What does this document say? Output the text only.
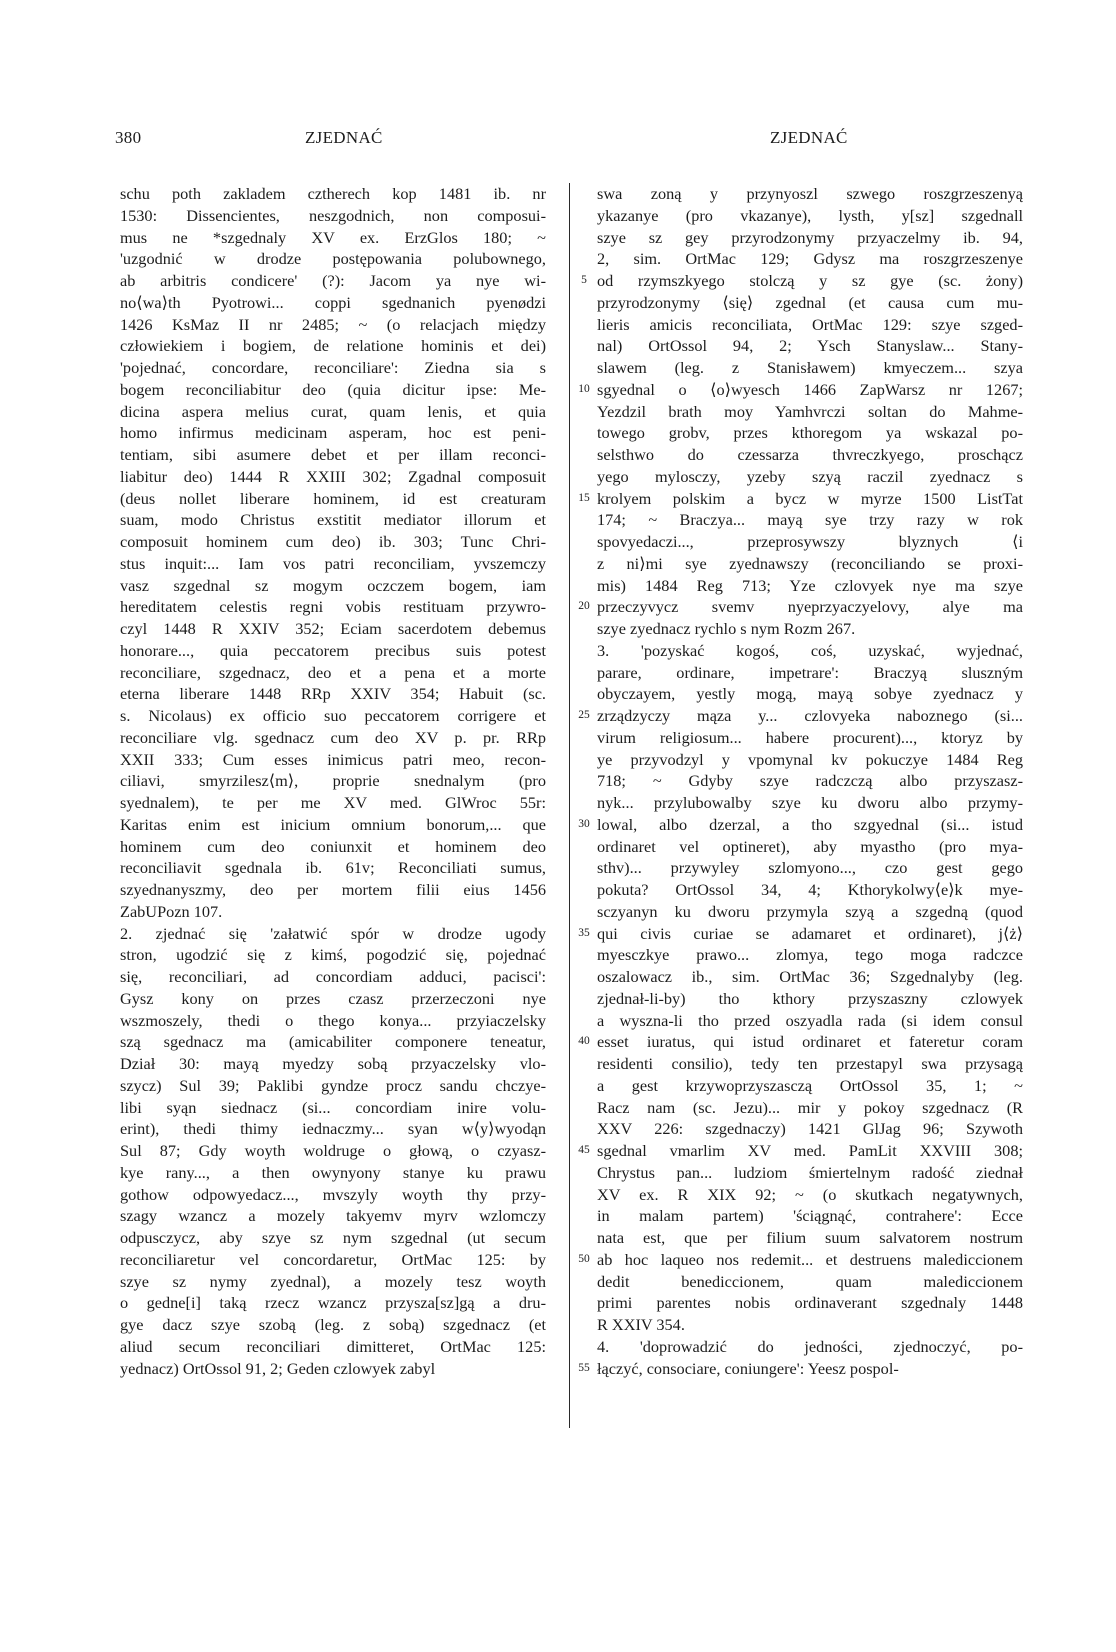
380	ZJEDNAĆ	ZJEDNAĆ
schu poth zakladem cztherech kop 1481 ib. nr
1530: Dissencientes, neszgodnich, non composui-
mus ne *szgednaly XV ex. ErzGlos 180; ~
'uzgodnić w drodze postępowania polubownego,
ab arbitris condicere' (?): Jacom ya nye wi-
no⟨wa⟩th Pyotrowi... coppi sgednanich pyenødzi
1426 KsMaz II nr 2485; ~ (o relacjach między
człowiekiem i bogiem, de relatione hominis et dei)
'pojednać, concordare, reconciliare': Ziedna sia s
bogem reconciliabitur deo (quia dicitur ipse: Me-
dicina aspera melius curat, quam lenis, et quia
homo infirmus medicinam asperam, hoc est peni-
tentiam, sibi asumere debet et per illam reconci-
liabitur deo) 1444 R XXIII 302; Zgadnal composuit
(deus nollet liberare hominem, id est creaturam
suam, modo Christus exstitit mediator illorum et
composuit hominem cum deo) ib. 303; Tunc Chri-
stus inquit:... Iam vos patri reconciliam, yvszemczy
vasz szgednal sz mogym oczczem bogem, iam
hereditatem celestis regni vobis restituam przywro-
czyl 1448 R XXIV 352; Eciam sacerdotem debemus
honorare..., quia peccatorem precibus suis potest
reconciliare, szgednacz, deo et a pena et a morte
eterna liberare 1448 RRp XXIV 354; Habuit (sc.
s. Nicolaus) ex officio suo peccatorem corrigere et
reconciliare vlg. sgednacz cum deo XV p. pr. RRp
XXII 333; Cum esses inimicus patri meo, recon-
ciliavi, smyrzilesz⟨m⟩, proprie snednalym (pro
syednalem), te per me XV med. GlWroc 55r:
Karitas enim est inicium omnium bonorum,... que
hominem cum deo coniunxit et hominem deo
reconciliavit sgednala ib. 61v; Reconciliati sumus,
szyednanyszmy, deo per mortem filii eius 1456
ZabUPozn 107.
2. zjednać się 'załatwić spór w drodze ugody
stron, ugodzić się z kimś, pogodzić się, pojednać
się, reconciliari, ad concordiam adduci, pacisci':
Gysz kony on przes czasz przerzeczoni nye
wszmoszely, thedi o thego konya... przyiaczelsky
szą sgednacz ma (amicabiliter componere teneatur,
Dział 30: mayą myedzy sobą przyaczelsky vlo-
szycz) Sul 39; Paklibi gyndze procz sandu chczye-
libi syąn siednacz (si... concordiam inire volu-
erint), thedi thimy iednaczmy... syan w⟨y⟩wyodąn
Sul 87; Gdy woyth woldruge o głową, o czyasz-
kye rany..., a then owynyony stanye ku prawu
gothow odpowyedacz..., mvszyly woyth thy przy-
szagy wzancz a mozely takyemv myrv wzlomczy
odpusczycz, aby szye sz nym szgednal (ut secum
reconciliaretur vel concordaretur, OrtMac 125: by
szye sz nymy zyednal), a mozely tesz woyth
o gedne[i] taką rzecz wzancz przysza[sz]gą a dru-
gye dacz szye szobą (leg. z sobą) szgednacz (et
aliud secum reconciliari dimitteret, OrtMac 125:
yednacz) OrtOssol 91, 2; Geden czlowyek zabyl
5
10
15
20
25
30
35
40
45
50
55
swa zoną y przynyoszl szwego roszgrzeszenyą
ykazanye (pro vkazanye), lysth, y[sz] szgednall
szye sz gey przyrodzonymy przyaczelmy ib. 94,
2, sim. OrtMac 129; Gdysz ma roszgrzeszenye
od rzymszkyego stolczą y sz gye (sc. żony)
przyrodzonymy ⟨się⟩ zgednal (et causa cum mu-
lieris amicis reconciliata, OrtMac 129: szye szged-
nal) OrtOssol 94, 2; Ysch Stanyslaw... Stany-
slawem (leg. z Stanisławem) kmyeczem... szya
sgyednal o ⟨o⟩wyesch 1466 ZapWarsz nr 1267;
Yezdzil brath moy Yamhvrczi soltan do Mahme-
towego grobv, przes kthoregom ya wskazal po-
selsthwo do czessarza thvreczkyego, proschącz
yego mylosczy, yzeby szyą raczil zyednacz s
krolyem polskim a bycz w myrze 1500 ListTat
174; ~ Braczya... mayą sye trzy razy w rok
spovyedaczi..., przeprosywszy blyznych ⟨i
z ni⟩mi sye zyednawszy (reconciliando se proxi-
mis) 1484 Reg 713; Yze czlovyek nye ma szye
przeczyvycz svemv nyeprzyaczyelovy, alye ma
szye zyednacz rychlo s nym Rozm 267.
3. 'pozyskać kogoś, coś, uzyskać, wyjednać,
parare, ordinare, impetrare': Braczyą sluszným
obyczayem, yestly mogą, mayą sobye zyednacz y
zrządzyczy mąza y... czlovyeka naboznego (si...
virum religiosum... habere procurent)..., ktoryz by
ye przyvodzyl y vpomynal kv pokuczye 1484 Reg
718; ~ Gdyby szye radczczą albo przyszasz-
nyk... przylubowalby szye ku dworu albo przymy-
lowal, albo dzerzal, a tho szgyednal (si... istud
ordinaret vel optineret), aby myastho (pro mya-
sthv)... przywyley szlomyono..., czo gest gego
pokuta? OrtOssol 34, 4; Kthorykolwy⟨e⟩k mye-
sczyanyn ku dworu przymyla szyą a szgedną (quod
qui civis curiae se adamaret et ordinaret), j⟨ż⟩
myesczkye prawo... zlomya, tego moga radczce
oszalowacz ib., sim. OrtMac 36; Szgednalyby (leg.
zjednał-li-by) tho kthory przyszaszny czlowyek
a wyszna-li tho przed oszyadla rada (si idem consul
esset iuratus, qui istud ordinaret et fateretur coram
residenti consilio), tedy ten przestapyl swa przysagą
a gest krzywoprzyszasczą OrtOssol 35, 1; ~
Racz nam (sc. Jezu)... mir y pokoy szgednacz (R
XXV 226: szgednaczy) 1421 GlJag 96; Szywoth
sgednal vmarlim XV med. PamLit XXVIII 308;
Chrystus pan... ludziom śmiertelnym radość ziednał
XV ex. R XIX 92; ~ (o skutkach negatywnych,
in malam partem) 'ściągnąć, contrahere': Ecce
nata est, que per filium suum salvatorem nostrum
ab hoc laqueo nos redemit... et destruens malediccionem
dedit benediccionem, quam malediccionem
primi parentes nobis ordinaverant szgednaly 1448
R XXIV 354.
4. 'doprowadzić do jedności, zjednoczyć, po-
łączyć, consociare, coniungere': Yeesz pospol-
